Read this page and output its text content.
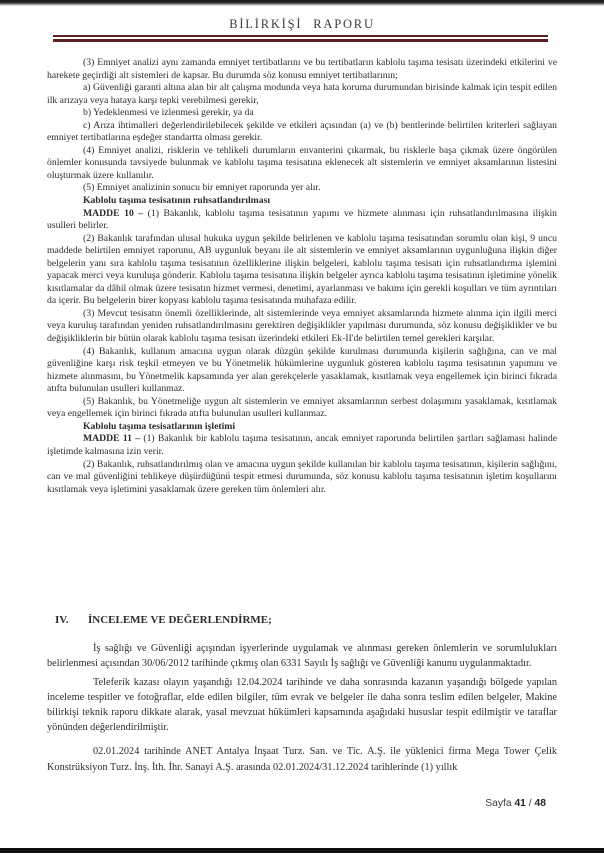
BİLİRKİŞİ RAPORU

(3) Emniyet analizi aynı zamanda emniyet tertibatlarını ve bu tertibatların kablolu taşıma tesisatı üzerindeki etkilerini ve harekete geçirdiği alt sistemleri de kapsar. Bu durumda söz konusu emniyet tertibatlarının;

a) Güvenliği garanti altına alan bir alt çalışma modunda veya hata koruma durumundan birisinde kalmak için tespit edilen ilk arızaya veya hataya karşı tepki verebilmesi gerekir,

b) Yedeklenmesi ve izlenmesi gerekir, ya da

c) Arıza ihtimalleri değerlendirilebilecek şekilde ve etkileri açısından (a) ve (b) bentlerinde belirtilen kriterleri sağlayan emniyet tertibatlarına eşdeğer standartta olması gerekir.

(4) Emniyet analizi, risklerin ve tehlikeli durumların envanterini çıkarmak, bu risklerle başa çıkmak üzere öngörülen önlemler konusunda tavsiyede bulunmak ve kablolu taşıma tesisatına eklenecek alt sistemlerin ve emniyet aksamlarının listesini oluşturmak üzere kullanılır.

(5) Emniyet analizinin sonucu bir emniyet raporunda yer alır.

Kablolu taşıma tesisatının ruhsatlandırılması

MADDE 10 – (1) Bakanlık, kablolu taşıma tesisatının yapımı ve hizmete alınması için ruhsatlandırılmasına ilişkin usulleri belirler.

(2) Bakanlık tarafından ulusal hukuka uygun şekilde belirlenen ve kablolu taşıma tesisatından sorumlu olan kişi, 9 uncu maddede belirtilen emniyet raporunu, AB uygunluk beyanı ile alt sistemlerin ve emniyet aksamlarının uygunluğuna ilişkin diğer belgelerin yanı sıra kablolu taşıma tesisatının özelliklerine ilişkin belgeleri, kablolu taşıma tesisatı için ruhsatlandırma işlemini yapacak merci veya kuruluşa gönderir. Kablolu taşıma tesisatına ilişkin belgeler ayrıca kablolu taşıma tesisatının işletimine yönelik kısıtlamalar da dâhil olmak üzere tesisatın hizmet vermesi, denetimi, ayarlanması ve bakımı için gerekli koşulları ve tüm ayrıntıları da içerir. Bu belgelerin birer kopyası kablolu taşıma tesisatında muhafaza edilir.

(3) Mevcut tesisatın önemli özelliklerinde, alt sistemlerinde veya emniyet aksamlarında hizmete alınma için ilgili merci veya kuruluş tarafından yeniden ruhsatlandırılmasını gerektiren değişiklikler yapılması durumunda, söz konusu değişiklikler ve bu değişikliklerin bir bütün olarak kablolu taşıma tesisatı üzerindeki etkileri Ek-II'de belirtilen temel gerekleri karşılar.

(4) Bakanlık, kullanım amacına uygun olarak düzgün şekilde kurulması durumunda kişilerin sağlığına, can ve mal güvenliğine karşı risk teşkil etmeyen ve bu Yönetmelik hükümlerine uygunluk gösteren kablolu taşıma tesisatının yapımını ve hizmete alınmasını, bu Yönetmelik kapsamında yer alan gerekçelerle yasaklamak, kısıtlamak veya engellemek için birinci fıkrada atıfta bulunulan usulleri kullanmaz.

(5) Bakanlık, bu Yönetmeliğe uygun alt sistemlerin ve emniyet aksamlarının serbest dolaşımını yasaklamak, kısıtlamak veya engellemek için birinci fıkrada atıfta bulunulan usulleri kullanmaz.

Kablolu taşıma tesisatlarının işletimi

MADDE 11 – (1) Bakanlık bir kablolu taşıma tesisatının, ancak emniyet raporunda belirtilen şartları sağlaması halinde işletimde kalmasına izin verir.

(2) Bakanlık, ruhsatlandırılmış olan ve amacına uygun şekilde kullanılan bir kablolu taşıma tesisatının, kişilerin sağlığını, can ve mal güvenliğini tehlikeye düşürdüğünü tespit etmesi durumunda, söz konusu kablolu taşıma tesisatının işletim koşullarını kısıtlamak veya işletimini yasaklamak üzere gereken tüm önlemleri alır.

IV. İNCELEME VE DEĞERLENDİRME;

İş sağlığı ve Güvenliği açışından işyerlerinde uygulamak ve alınması gereken önlemlerin ve sorumlulukları belirlenmesi açısından 30/06/2012 tarihinde çıkmış olan 6331 Sayılı İş sağlığı ve Güvenliği kanunu uygulanmaktadır.

Teleferik kazası olayın yaşandığı 12.04.2024 tarihinde ve daha sonrasında kazanın yaşandığı bölgede yapılan inceleme tespitler ve fotoğraflar, elde edilen bilgiler, tüm evrak ve belgeler ile daha sonra teslim edilen belgeler, Makine bilirkişi teknik raporu dikkate alarak, yasal mevzuat hükümleri kapsamında aşağıdaki hususlar tespit edilmiştir ve taraflar yönünden değerlendirilmiştir.

02.01.2024 tarihinde ANET Antalya İnşaat Turz. San. ve Tic. A.Ş. ile yüklenici firma Mega Tower Çelik Konstrüksiyon Turz. İnş. İth. İhr. Sanayi A.Ş. arasında 02.01.2024/31.12.2024 tarihlerinde (1) yıllık

Sayfa 41 / 48
